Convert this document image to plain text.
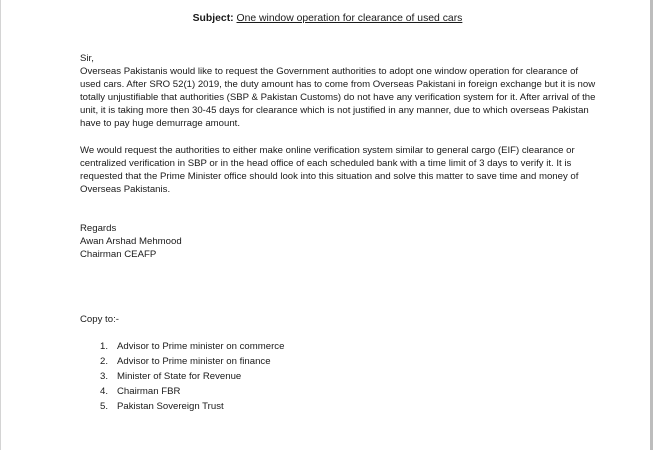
Subject: One window operation for clearance of used cars

Sir,

Overseas Pakistanis would like to request the Government authorities to adopt one window operation for clearance of used cars. After SRO 52(1) 2019, the duty amount has to come from Overseas Pakistani in foreign exchange but it is now totally unjustifiable that authorities (SBP & Pakistan Customs) do not have any verification system for it. After arrival of the unit, it is taking more then 30-45 days for clearance which is not justified in any manner, due to which overseas Pakistan have to pay huge demurrage amount.

We would request the authorities to either make online verification system similar to general cargo (EIF) clearance or centralized verification in SBP or in the head office of each scheduled bank with a time limit of 3 days to verify it. It is requested that the Prime Minister office should look into this situation and solve this matter to save time and money of Overseas Pakistanis.

Regards
Awan Arshad Mehmood
Chairman CEAFP
Copy to:-
1. Advisor to Prime minister on commerce
2. Advisor to Prime minister on finance
3. Minister of State for Revenue
4. Chairman FBR
5. Pakistan Sovereign Trust
